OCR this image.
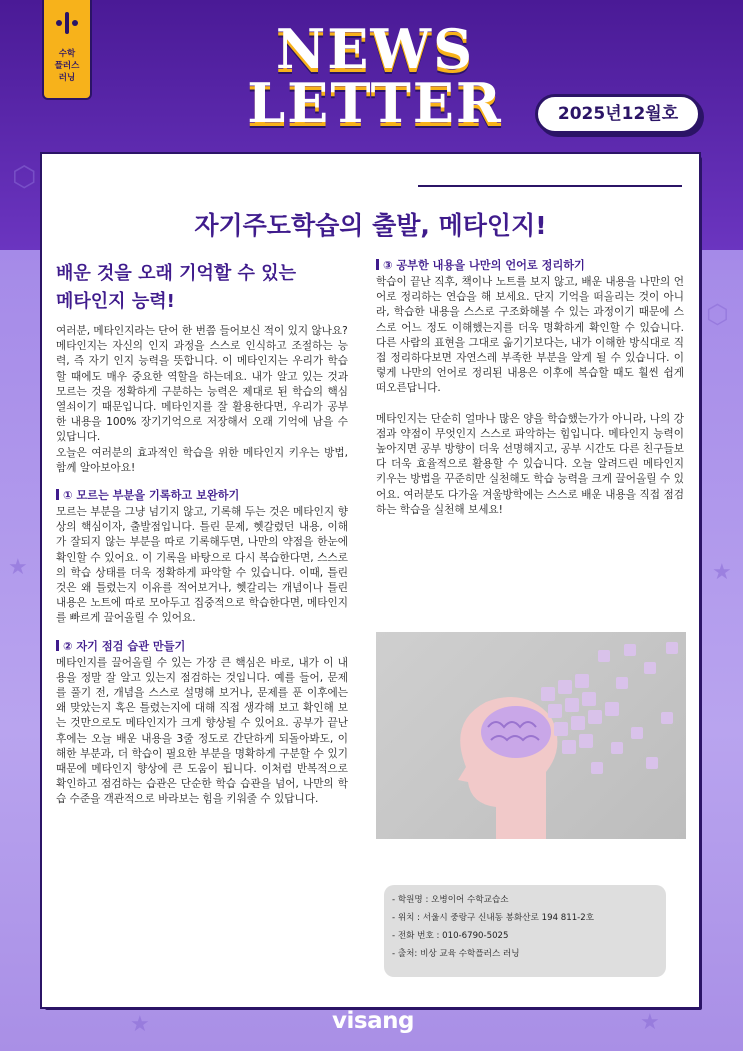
⬡
★
⬡
★
★	★
수학
플러스
러닝	NEWS
LETTER	2025년12월호
자기주도학습의 출발, 메타인지!
배운 것을 오래 기억할 수 있는
메타인지 능력!

여러분, 메타인지라는 단어 한 번쯤 들어보신 적이 있지 않나요?
메타인지는 자신의 인지 과정을 스스로 인식하고 조절하는 능력, 즉 자기 인지 능력을 뜻합니다. 이 메타인지는 우리가 학습할 때에도 매우 중요한 역할을 하는데요. 내가 알고 있는 것과 모르는 것을 정확하게 구분하는 능력은 제대로 된 학습의 핵심 열쇠이기 때문입니다. 메타인지를 잘 활용한다면, 우리가 공부한 내용을 100% 장기기억으로 저장해서 오래 기억에 남을 수 있답니다.
오늘은 여러분의 효과적인 학습을 위한 메타인지 키우는 방법, 함께 알아보아요!

① 모르는 부분을 기록하고 보완하기

모르는 부분을 그냥 넘기지 않고, 기록해 두는 것은 메타인지 향상의 핵심이자, 출발점입니다. 틀린 문제, 헷갈렸던 내용, 이해가 잘되지 않는 부분을 따로 기록해두면, 나만의 약점을 한눈에 확인할 수 있어요. 이 기록을 바탕으로 다시 복습한다면, 스스로의 학습 상태를 더욱 정확하게 파악할 수 있습니다. 이때, 틀린 것은 왜 틀렸는지 이유를 적어보거나, 헷갈리는 개념이나 틀린 내용은 노트에 따로 모아두고 집중적으로 학습한다면, 메타인지를 빠르게 끌어올릴 수 있어요.

② 자기 점검 습관 만들기

메타인지를 끌어올릴 수 있는 가장 큰 핵심은 바로, 내가 이 내용을 정말 잘 알고 있는지 점검하는 것입니다. 예를 들어, 문제를 풀기 전, 개념을 스스로 설명해 보거나, 문제를 푼 이후에는 왜 맞았는지 혹은 틀렸는지에 대해 직접 생각해 보고 확인해 보는 것만으로도 메타인지가 크게 향상될 수 있어요. 공부가 끝난 후에는 오늘 배운 내용을 3줄 정도로 간단하게 되돌아봐도, 이해한 부분과, 더 학습이 필요한 부분을 명확하게 구분할 수 있기 때문에 메타인지 향상에 큰 도움이 됩니다. 이처럼 반복적으로 확인하고 점검하는 습관은 단순한 학습 습관을 넘어, 나만의 학습 수준을 객관적으로 바라보는 힘을 키워줄 수 있답니다.

③ 공부한 내용을 나만의 언어로 정리하기

학습이 끝난 직후, 책이나 노트를 보지 않고, 배운 내용을 나만의 언어로 정리하는 연습을 해 보세요. 단지 기억을 떠올리는 것이 아니라, 학습한 내용을 스스로 구조화해볼 수 있는 과정이기 때문에 스스로 어느 정도 이해했는지를 더욱 명확하게 확인할 수 있습니다. 다른 사람의 표현을 그대로 옮기기보다는, 내가 이해한 방식대로 직접 정리하다보면 자연스레 부족한 부분을 알게 될 수 있습니다. 이렇게 나만의 언어로 정리된 내용은 이후에 복습할 때도 훨씬 쉽게 떠오른답니다.

메타인지는 단순히 얼마나 많은 양을 학습했는가가 아니라, 나의 강점과 약점이 무엇인지 스스로 파악하는 힘입니다. 메타인지 능력이 높아지면 공부 방향이 더욱 선명해지고, 공부 시간도 다른 친구들보다 더욱 효율적으로 활용할 수 있습니다. 오늘 알려드린 메타인지 키우는 방법을 꾸준히만 실천해도 학습 능력을 크게 끌어올릴 수 있어요. 여러분도 다가올 겨울방학에는 스스로 배운 내용을 직접 점검하는 학습을 실천해 보세요!

- 학원명 : 오병이어 수학교습소
- 위치 : 서울시 중랑구 신내동 봉화산로 194 811-2호
- 전화 번호 : 010-6790-5025
- 출처: 비상 교육 수학플러스 러닝
visang
